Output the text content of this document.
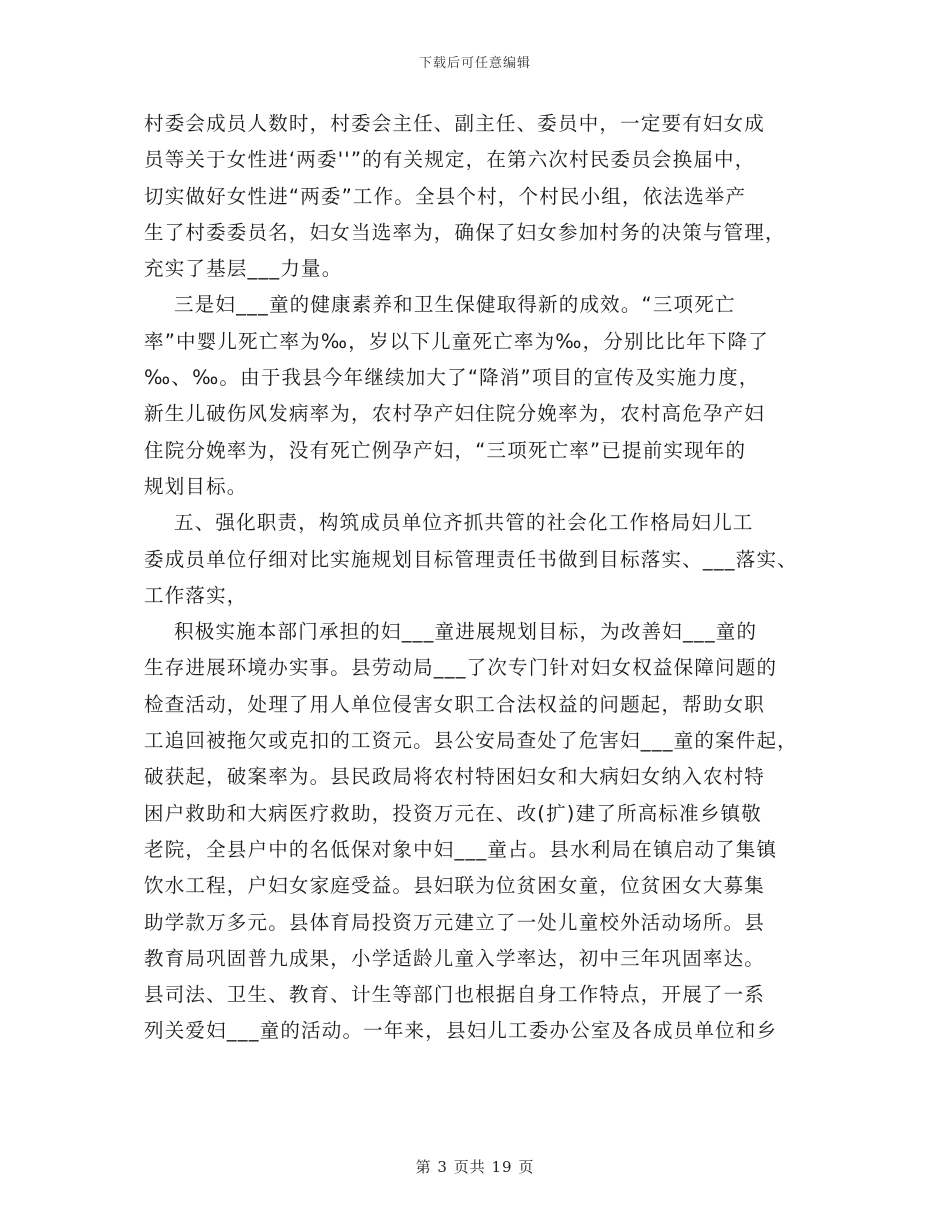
下载后可任意编辑
村委会成员人数时，村委会主任、副主任、委员中，一定要有妇女成
员等关于女性进‘两委''”的有关规定，在第六次村民委员会换届中，
切实做好女性进“两委”工作。全县个村，个村民小组，依法选举产
生了村委委员名，妇女当选率为，确保了妇女参加村务的决策与管理，
充实了基层___力量。
三是妇___童的健康素养和卫生保健取得新的成效。“三项死亡
率”中婴儿死亡率为‰，岁以下儿童死亡率为‰，分别比比年下降了
‰、‰。由于我县今年继续加大了“降消”项目的宣传及实施力度，
新生儿破伤风发病率为，农村孕产妇住院分娩率为，农村高危孕产妇
住院分娩率为，没有死亡例孕产妇，“三项死亡率”已提前实现年的
规划目标。
五、强化职责，构筑成员单位齐抓共管的社会化工作格局妇儿工
委成员单位仔细对比实施规划目标管理责任书做到目标落实、___落实、
工作落实，
积极实施本部门承担的妇___童进展规划目标，为改善妇___童的
生存进展环境办实事。县劳动局___了次专门针对妇女权益保障问题的
检查活动，处理了用人单位侵害女职工合法权益的问题起，帮助女职
工追回被拖欠或克扣的工资元。县公安局查处了危害妇___童的案件起，
破获起，破案率为。县民政局将农村特困妇女和大病妇女纳入农村特
困户救助和大病医疗救助，投资万元在、改(扩)建了所高标准乡镇敬
老院，全县户中的名低保对象中妇___童占。县水利局在镇启动了集镇
饮水工程，户妇女家庭受益。县妇联为位贫困女童，位贫困女大募集
助学款万多元。县体育局投资万元建立了一处儿童校外活动场所。县
教育局巩固普九成果，小学适龄儿童入学率达，初中三年巩固率达。
县司法、卫生、教育、计生等部门也根据自身工作特点，开展了一系
列关爱妇___童的活动。一年来，县妇儿工委办公室及各成员单位和乡
第 3 页共 19 页
